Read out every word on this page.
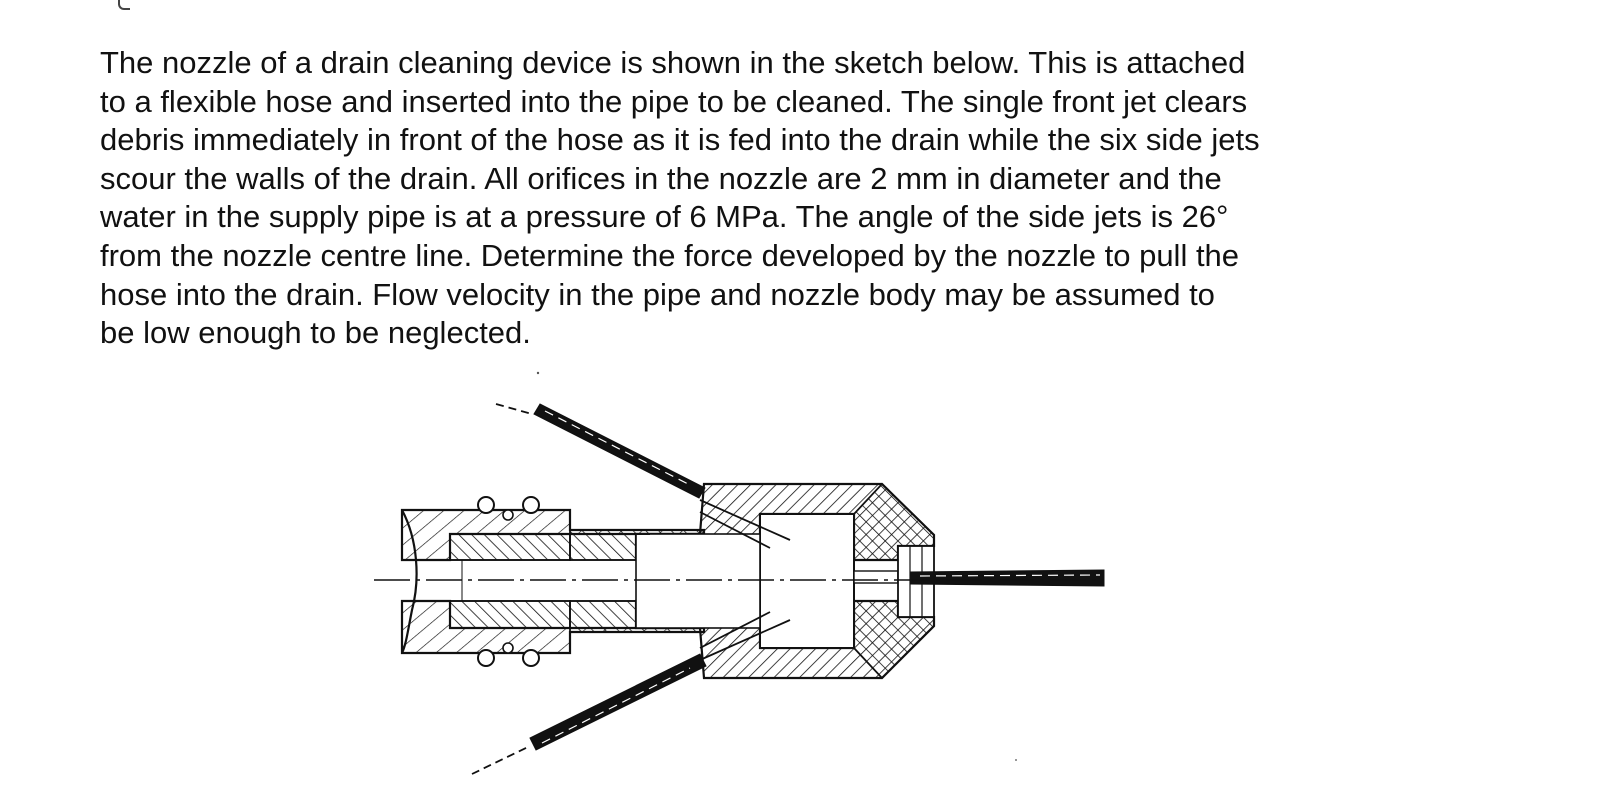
The nozzle of a drain cleaning device is shown in the sketch below. This is attached
to a flexible hose and inserted into the pipe to be cleaned. The single front jet clears
debris immediately in front of the hose as it is fed into the drain while the six side jets
scour the walls of the drain. All orifices in the nozzle are 2 mm in diameter and the
water in the supply pipe is at a pressure of 6 MPa. The angle of the side jets is 26°
from the nozzle centre line. Determine the force developed by the nozzle to pull the
hose into the drain. Flow velocity in the pipe and nozzle body may be assumed to
be low enough to be neglected.
